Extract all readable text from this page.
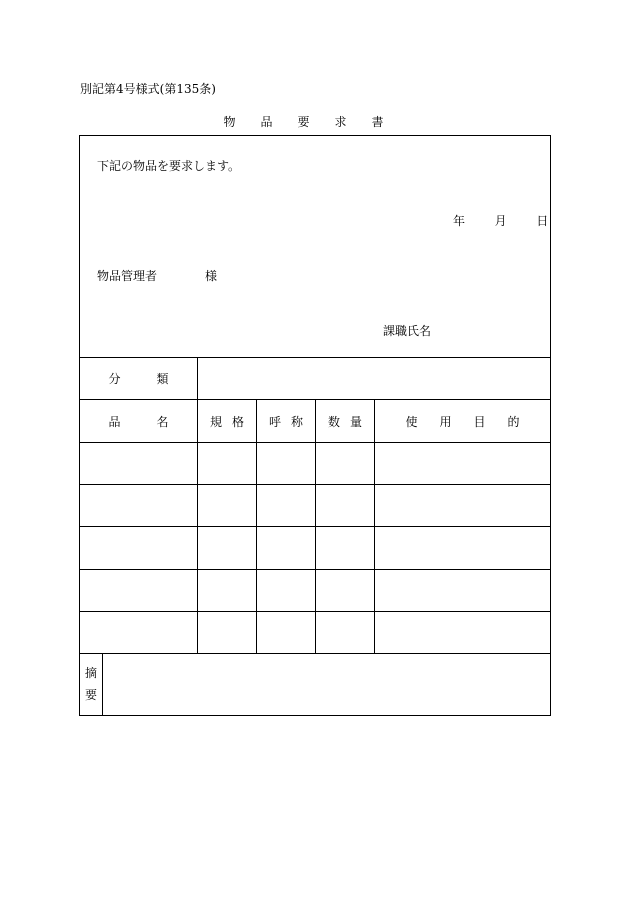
別記第4号様式(第135条)
物品要求書
下記の物品を要求します。
年 月 日
物品管理者	様
課職氏名
分類
品名 規格	呼称	数量	使用目的
摘
要
